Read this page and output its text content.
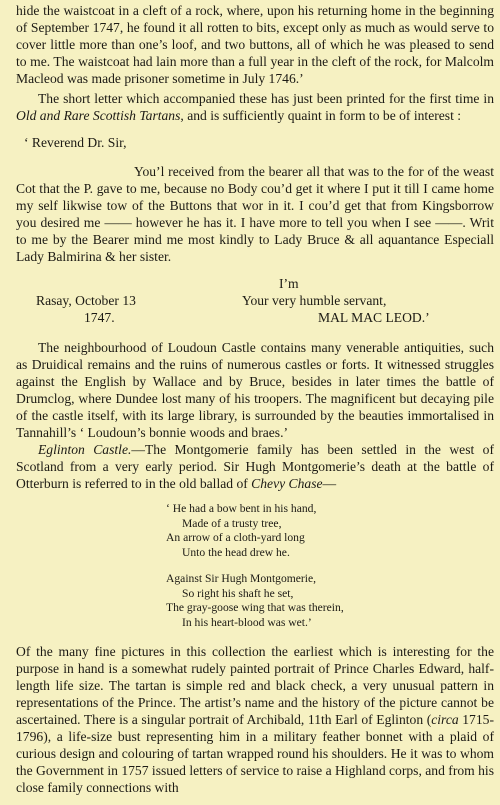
hide the waistcoat in a cleft of a rock, where, upon his returning home in the beginning of September 1747, he found it all rotten to bits, except only as much as would serve to cover little more than one’s loof, and two buttons, all of which he was pleased to send to me. The waistcoat had lain more than a full year in the cleft of the rock, for Malcolm Macleod was made prisoner sometime in July 1746.’

The short letter which accompanied these has just been printed for the first time in Old and Rare Scottish Tartans, and is sufficiently quaint in form to be of interest :

‘ Reverend Dr. Sir,

You’l received from the bearer all that was to the for of the weast Cot that the P. gave to me, because no Body cou’d get it where I put it till I came home my self likwise tow of the Buttons that wor in it. I cou’d get that from Kingsborrow you desired me —— however he has it. I have more to tell you when I see ——. Writ to me by the Bearer mind me most kindly to Lady Bruce & all aquantance Especiall Lady Balmirina & her sister.

I’m
Rasay, October 13	Your very humble servant,
1747.	MAL MAC LEOD.’

The neighbourhood of Loudoun Castle contains many venerable antiquities, such as Druidical remains and the ruins of numerous castles or forts. It witnessed struggles against the English by Wallace and by Bruce, besides in later times the battle of Drumclog, where Dundee lost many of his troopers. The magnificent but decaying pile of the castle itself, with its large library, is surrounded by the beauties immortalised in Tannahill’s ‘ Loudoun’s bonnie woods and braes.’

Eglinton Castle.—The Montgomerie family has been settled in the west of Scotland from a very early period. Sir Hugh Montgomerie’s death at the battle of Otterburn is referred to in the old ballad of Chevy Chase—

‘ He had a bow bent in his hand,
Made of a trusty tree,
An arrow of a cloth-yard long
Unto the head drew he.
Against Sir Hugh Montgomerie,
So right his shaft he set,
The gray-goose wing that was therein,
In his heart-blood was wet.’

Of the many fine pictures in this collection the earliest which is interesting for the purpose in hand is a somewhat rudely painted portrait of Prince Charles Edward, half-length life size. The tartan is simple red and black check, a very unusual pattern in representations of the Prince. The artist’s name and the history of the picture cannot be ascertained. There is a singular portrait of Archibald, 11th Earl of Eglinton (circa 1715-1796), a life-size bust representing him in a military feather bonnet with a plaid of curious design and colouring of tartan wrapped round his shoulders. He it was to whom the Government in 1757 issued letters of service to raise a Highland corps, and from his close family connections with
